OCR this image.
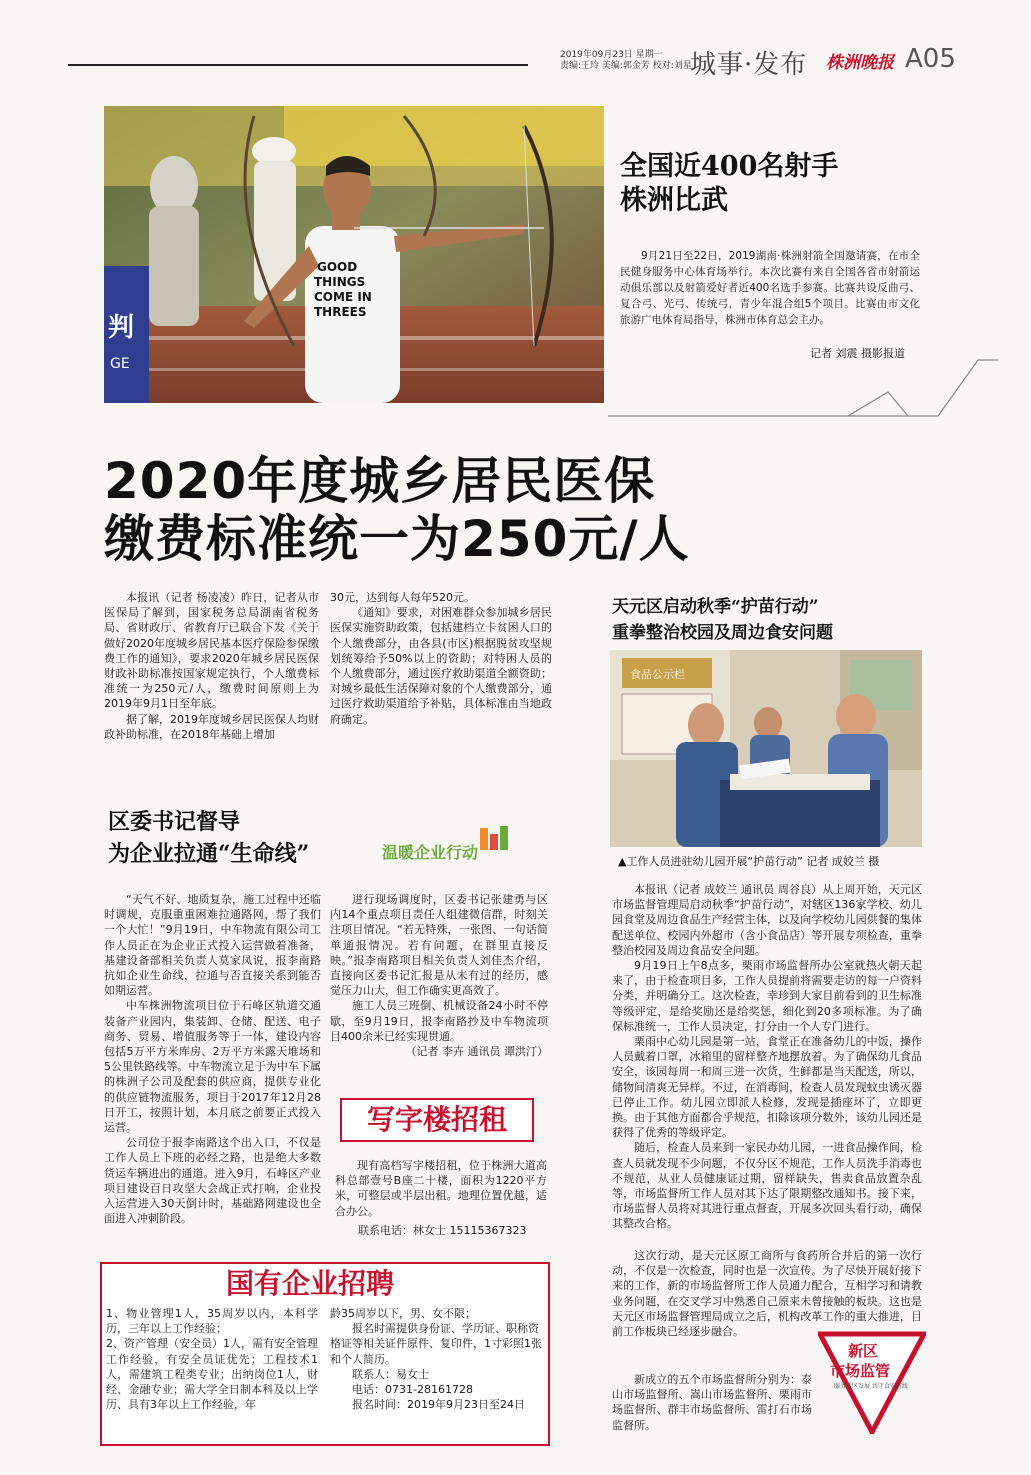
2019年09月23日 星期一
责编:王玲 美编:郭金芳 校对:刘星
城事·发布 株洲晚报 A05
判
GE
GOOD
THINGS
COME IN
THREES
全国近400名射手
株洲比武
9月21日至22日，2019湖南·株洲射箭全国邀请赛，在市全民健身服务中心体育场举行。本次比赛有来自全国各省市射箭运动俱乐部以及射箭爱好者近400名选手参赛。比赛共设反曲弓、复合弓、光弓、传统弓，青少年混合组5个项目。比赛由市文化旅游广电体育局指导，株洲市体育总会主办。
记者 刘震 摄影报道
2020年度城乡居民医保
缴费标准统一为250元/人

本报讯（记者 杨凌凌）昨日，记者从市医保局了解到，国家税务总局湖南省税务局、省财政厅、省教育厅已联合下发《关于做好2020年度城乡居民基本医疗保险参保缴费工作的通知》，要求2020年城乡居民医保财政补助标准按国家规定执行，个人缴费标准统一为250元/人，缴费时间原则上为2019年9月1日至年底。

据了解，2019年度城乡居民医保人均财政补助标准，在2018年基础上增加

30元，达到每人每年520元。

《通知》要求，对困难群众参加城乡居民医保实施资助政策，包括建档立卡贫困人口的个人缴费部分，由各县(市区)根据脱贫攻坚规划统筹给予50%以上的资助；对特困人员的个人缴费部分，通过医疗救助渠道全额资助；对城乡最低生活保障对象的个人缴费部分，通过医疗救助渠道给予补贴，具体标准由当地政府确定。

区委书记督导
为企业拉通“生命线”	温暖企业行动

“天气不好、地质复杂，施工过程中还临时调规，克服重重困难拉通路网，帮了我们一个大忙！”9月19日，中车物流有限公司工作人员正在为企业正式投入运营做着准备，基建设备部相关负责人莫家凤说，报李南路抗如企业生命线，拉通与否直接关系到能否如期运营。

中车株洲物流项目位于石峰区轨道交通装备产业园内，集装卸、仓储、配送、电子商务、贸易、增值服务等于一体，建设内容包括5万平方米库房、2万平方米露天堆场和5公里铁路线等。中车物流立足于为中车下属的株洲子公司及配套的供应商，提供专业化的供应链物流服务，项目于2017年12月28日开工，按照计划，本月底之前要正式投入运营。

公司位于报李南路这个出入口，不仅是工作人员上下班的必经之路，也是绝大多数货运车辆进出的通道。进入9月，石峰区产业项目建设百日攻坚大会战正式打响，企业投入运营进入30天倒计时，基础路网建设也全面进入冲刺阶段。

进行现场调度时，区委书记张建勇与区内14个重点项目责任人组建微信群，时刻关注项目情况。“若无特殊，一张图、一句话简单通报情况。若有问题，在群里直接反映。”报李南路项目相关负责人刘佳杰介绍，直接向区委书记汇报是从未有过的经历，感觉压力山大，但工作确实更高效了。

施工人员三班倒、机械设备24小时不停歇，至9月19日，报李南路抄及中车物流项目400余米已经实现贯通。

（记者 李卉 通讯员 谭洪汀）
写字楼招租
现有高档写字楼招租，位于株洲大道高科总部壹号B座二十楼，面积为1220平方米，可整层或半层出租。地理位置优越，适合办公。
联系电话：林女士 15115367323
国有企业招聘
1、物业管理1人，35周岁以内，本科学历，三年以上工作经验；
2、资产管理（安全员）1人，需有安全管理工作经验，有安全员证优先；工程技术1人，需建筑工程类专业；出纳岗位1人，财经、金融专业；需大学全日制本科及以上学历、具有3年以上工作经验，年
龄35周岁以下，男、女不限；
报名时需提供身份证、学历证、职称资格证等相关证件原件、复印件，1寸彩照1张和个人简历。
联系人：易女士
电话：0731-28161728
报名时间：2019年9月23日至24日
天元区启动秋季“护苗行动”
重拳整治校园及周边食安问题
食品公示栏
▲工作人员进驻幼儿园开展“护苗行动” 记者 成姣兰 摄

本报讯（记者 成姣兰 通讯员 周谷良）从上周开始，天元区市场监督管理局启动秋季“护苗行动”，对辖区136家学校、幼儿园食堂及周边食品生产经营主体，以及向学校幼儿园供餐的集体配送单位、校园内外超市（含小食品店）等开展专项检查，重拳整治校园及周边食品安全问题。

9月19日上午8点多，栗雨市场监督所办公室就热火朝天起来了，由于检查项目多，工作人员提前将需要走访的每一户资料分类，并明确分工。这次检查，幸珍到大家目前看到的卫生标准等级评定，是给奖励还是给奖惩，细化到20多项标准。为了确保标准统一，工作人员决定，打分由一个人专门进行。

栗雨中心幼儿园是第一站，食堂正在准备幼儿的中饭，操作人员戴着口罩，冰箱里的留样整齐地摆放着。为了确保幼儿食品安全，该园每周一和周三进一次货，生鲜都是当天配送，所以，储物间清爽无异样。不过，在消毒间，检查人员发现蚊虫诱灭器已停止工作。幼儿园立即派人检修，发现是插座坏了，立即更换。由于其他方面都合乎规范，扣除该项分数外，该幼儿园还是获得了优秀的等级评定。

随后，检查人员来到一家民办幼儿园，一进食品操作间，检查人员就发现不少问题，不仅分区不规范，工作人员洗手消毒也不规范，从业人员健康证过期，留样缺失，售卖食品放置杂乱等，市场监督所工作人员对其下达了限期整改通知书。接下来，市场监督人员将对其进行重点督查，开展多次回头看行动，确保其整改合格。

这次行动，是天元区原工商所与食药所合并后的第一次行动，不仅是一次检查，同时也是一次宣传。为了尽快开展好接下来的工作，新的市场监督所工作人员通力配合，互相学习和请教业务问题，在交叉学习中熟悉自己原来未曾接触的板块。这也是天元区市场监督管理局成立之后，机构改革工作的重大推进，目前工作板块已经逐步融合。

新成立的五个市场监督所分别为：泰山市场监督所、嵩山市场监督所、栗雨市场监督所、群丰市场监督所、雷打石市场监督所。

新区
市场监管
服务新区发展 共守食安防线
